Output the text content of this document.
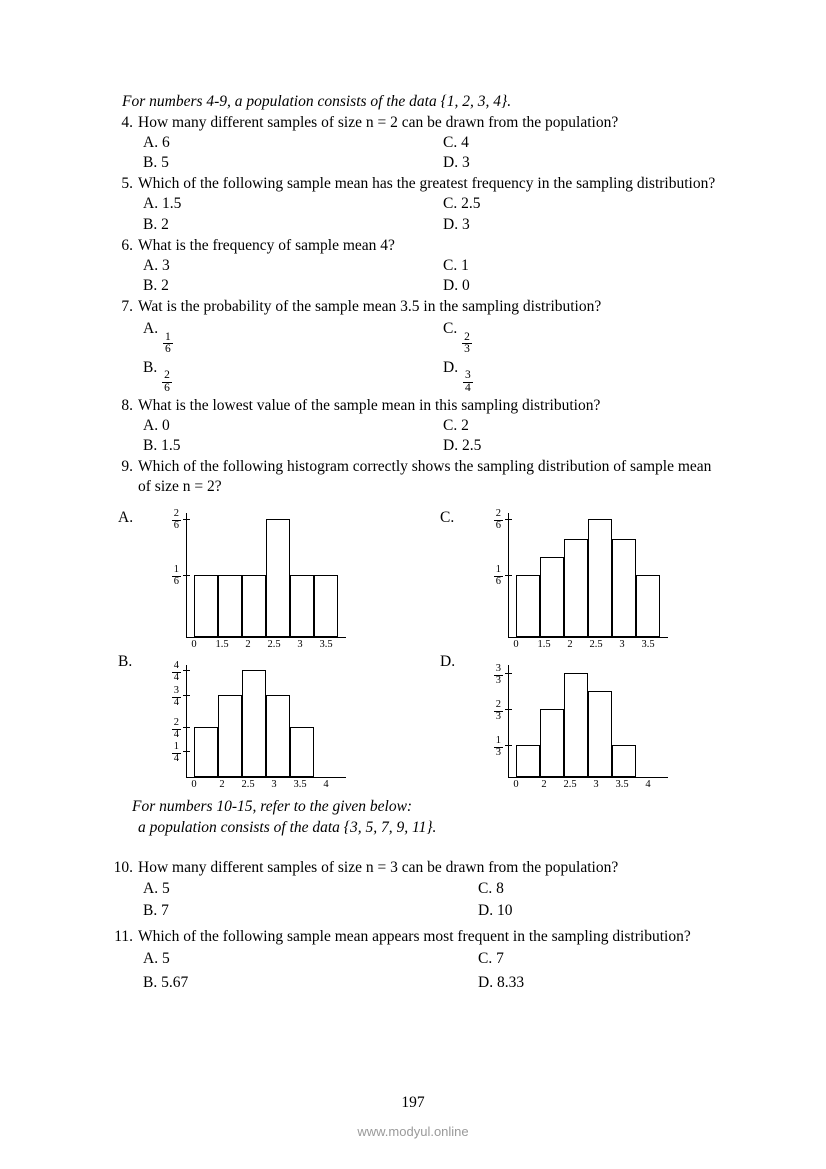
For numbers 4-9, a population consists of the data {1, 2, 3, 4}.
4. How many different samples of size n = 2 can be drawn from the population?
A. 6	C. 4
B. 5	D. 3
5. Which of the following sample mean has the greatest frequency in the sampling distribution?
A. 1.5	C. 2.5
B. 2	D. 3
6. What is the frequency of sample mean 4?
A. 3	C. 1
B. 2	D. 0
7. Wat is the probability of the sample mean 3.5 in the sampling distribution?
A.
$\frac{1}{6}$
C.
$\frac{2}{3}$
B.
$\frac{2}{6}$
D.
$\frac{3}{4}$
8. What is the lowest value of the sample mean in this sampling distribution?
A. 0	C. 2
B. 1.5	D. 2.5
9. Which of the following histogram correctly shows the sampling distribution of sample mean of size n = 2?
A.
$\frac{1}{6}$
$\frac{2}{6}$
0 1.5 2 2.5 3 3.5
C.
$\frac{1}{6}$
$\frac{2}{6}$
0 1.5 2 2.5 3 3.5
B.
$\frac{1}{4}$
$\frac{2}{4}$
$\frac{3}{4}$
$\frac{4}{4}$
0 2 2.5 3 3.5 4
D.
$\frac{1}{3}$
$\frac{2}{3}$
$\frac{3}{3}$
0 2 2.5 3 3.5 4
For numbers 10-15, refer to the given below:
a population consists of the data {3, 5, 7, 9, 11}.
10. How many different samples of size n = 3 can be drawn from the population?
A. 5	C. 8
B. 7	D. 10
11. Which of the following sample mean appears most frequent in the sampling distribution?
A. 5	C. 7
B. 5.67	D. 8.33
197
www.modyul.online
